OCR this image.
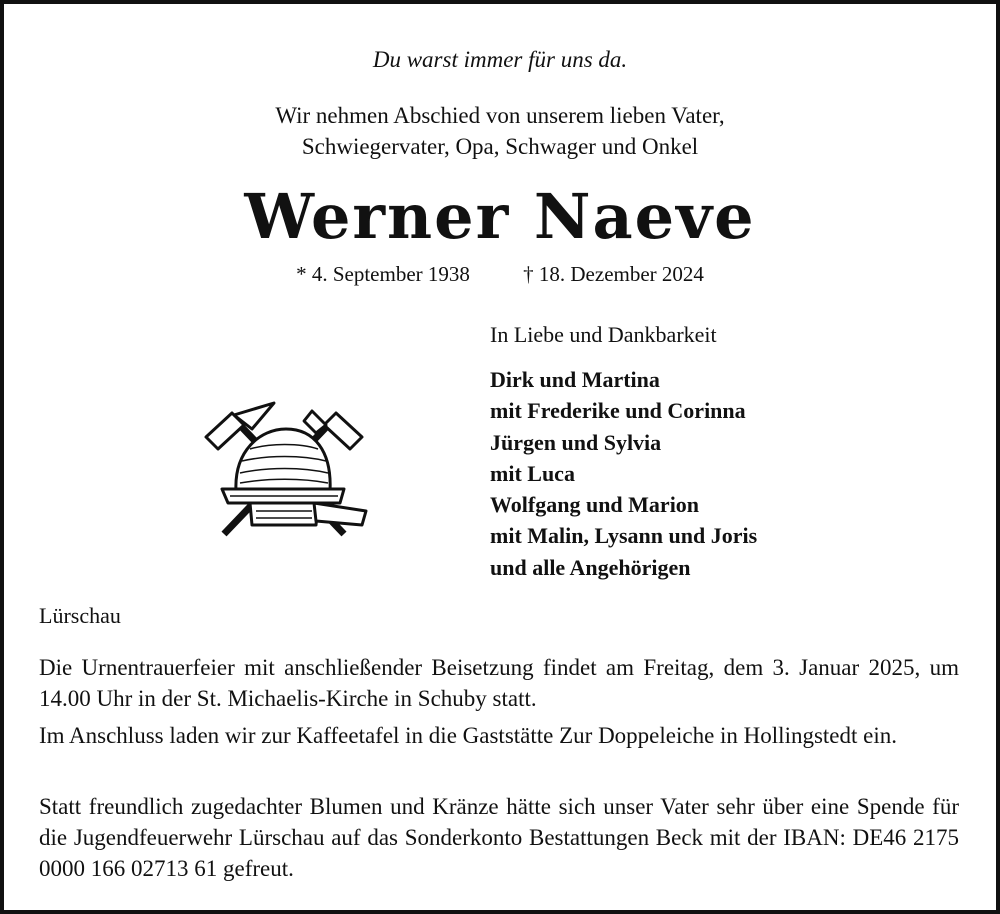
Du warst immer für uns da.

Wir nehmen Abschied von unserem lieben Vater,
Schwiegervater, Opa, Schwager und Onkel
Werner Naeve
* 4. September 1938	† 18. Dezember 2024

In Liebe und Dankbarkeit

Dirk und Martina
mit Frederike und Corinna
Jürgen und Sylvia
mit Luca
Wolfgang und Marion
mit Malin, Lysann und Joris
und alle Angehörigen

Lürschau

Die Urnentrauerfeier mit anschließender Beisetzung findet am Freitag, dem 3. Januar 2025, um 14.00 Uhr in der St. Michaelis-Kirche in Schuby statt.

Im Anschluss laden wir zur Kaffeetafel in die Gaststätte Zur Doppeleiche in Hollingstedt ein.

Statt freundlich zugedachter Blumen und Kränze hätte sich unser Vater sehr über eine Spende für die Jugendfeuerwehr Lürschau auf das Sonderkonto Bestattungen Beck mit der IBAN: DE46 2175 0000 166 02713 61 gefreut.
